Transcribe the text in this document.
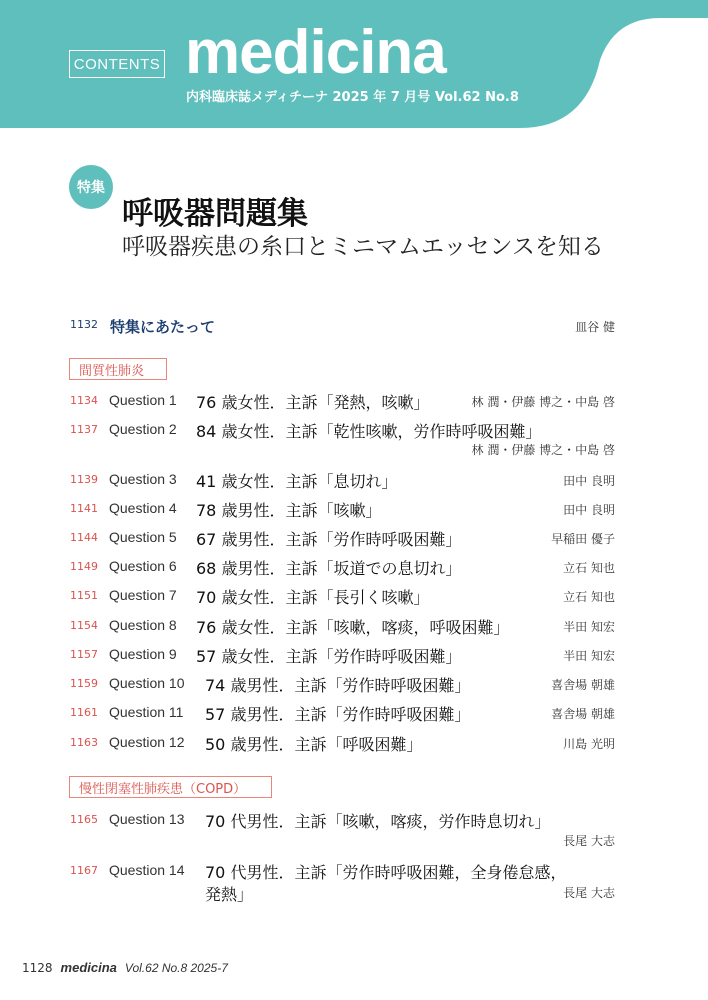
CONTENTS medicina
内科臨床誌メディチーナ 2025 年 7 月号 Vol.62 No.8
特集
呼吸器問題集
呼吸器疾患の糸口とミニマムエッセンスを知る
1132 特集にあたって	皿谷 健
間質性肺炎
1134 Question 1 76 歳女性．主訴「発熱，咳嗽」	林 潤・伊藤 博之・中島 啓
1137 Question 2 84 歳女性．主訴「乾性咳嗽，労作時呼吸困難」
林 潤・伊藤 博之・中島 啓
1139 Question 3 41 歳女性．主訴「息切れ」	田中 良明
1141 Question 4 78 歳男性．主訴「咳嗽」	田中 良明
1144 Question 5 67 歳男性．主訴「労作時呼吸困難」	早稲田 優子
1149 Question 6 68 歳男性．主訴「坂道での息切れ」	立石 知也
1151 Question 7 70 歳女性．主訴「長引く咳嗽」	立石 知也
1154 Question 8 76 歳女性．主訴「咳嗽，喀痰，呼吸困難」	半田 知宏
1157 Question 9 57 歳女性．主訴「労作時呼吸困難」	半田 知宏
1159 Question 10 74 歳男性．主訴「労作時呼吸困難」	喜舎場 朝雄
1161 Question 11 57 歳男性．主訴「労作時呼吸困難」	喜舎場 朝雄
1163 Question 12 50 歳男性．主訴「呼吸困難」	川島 光明
慢性閉塞性肺疾患（COPD）
1165 Question 13 70 代男性．主訴「咳嗽，喀痰，労作時息切れ」
長尾 大志
1167 Question 14 70 代男性．主訴「労作時呼吸困難，全身倦怠感，
発熱」	長尾 大志
1128 medicina Vol.62 No.8 2025-7
